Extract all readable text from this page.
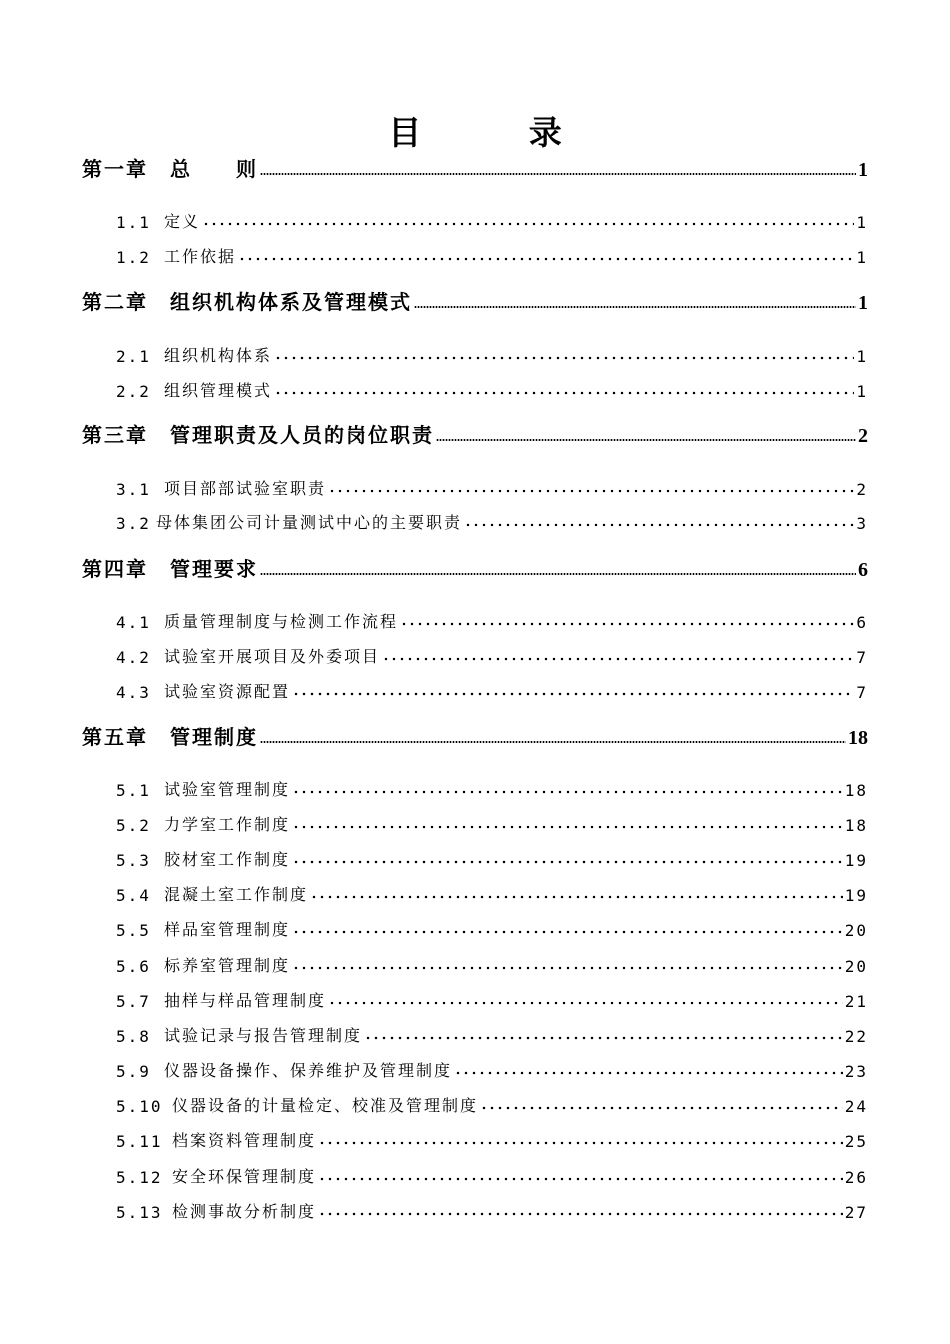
目 录
第一章　总　　则	1
1.1 定义	1
1.2 工作依据	1
第二章　组织机构体系及管理模式	1
2.1 组织机构体系	1
2.2 组织管理模式	1
第三章　管理职责及人员的岗位职责	2
3.1 项目部部试验室职责	2
3.2 母体集团公司计量测试中心的主要职责	3
第四章　管理要求	6
4.1 质量管理制度与检测工作流程	6
4.2 试验室开展项目及外委项目	7
4.3 试验室资源配置	7
第五章　管理制度	18
5.1 试验室管理制度	18
5.2 力学室工作制度	18
5.3 胶材室工作制度	19
5.4 混凝土室工作制度	19
5.5 样品室管理制度	20
5.6 标养室管理制度	20
5.7 抽样与样品管理制度	21
5.8 试验记录与报告管理制度	22
5.9 仪器设备操作、保养维护及管理制度	23
5.10 仪器设备的计量检定、校准及管理制度	24
5.11 档案资料管理制度	25
5.12 安全环保管理制度	26
5.13 检测事故分析制度	27
